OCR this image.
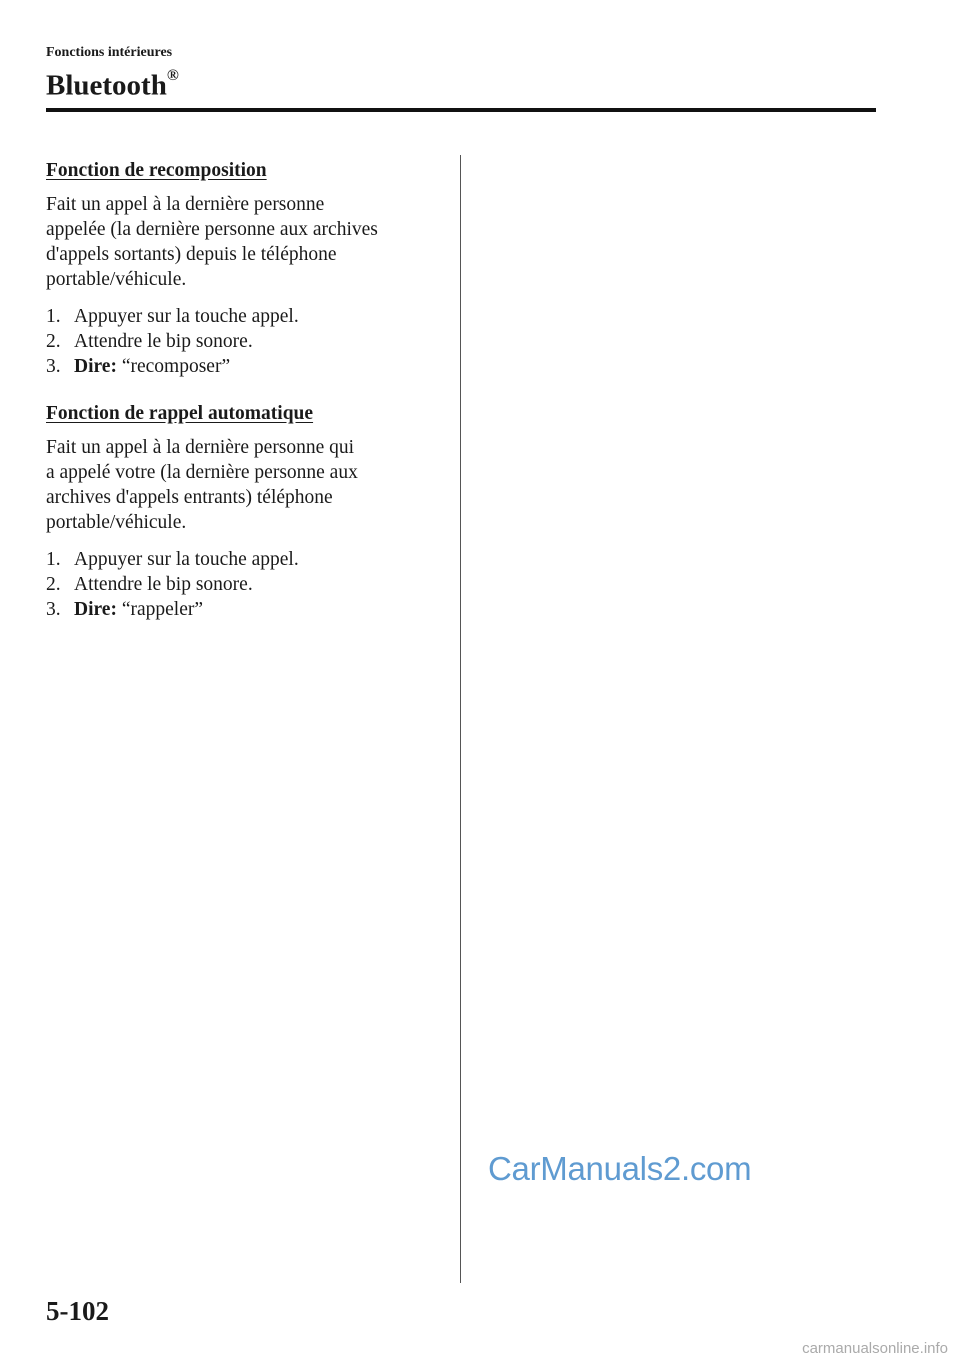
Fonctions intérieures
Bluetooth®
Fonction de recomposition
Fait un appel à la dernière personne
appelée (la dernière personne aux archives
d'appels sortants) depuis le téléphone
portable/véhicule.
1. Appuyer sur la touche appel.
2. Attendre le bip sonore.
3. Dire:
“recomposer”
Fonction de rappel automatique
Fait un appel à la dernière personne qui
a appelé votre (la dernière personne aux
archives d'appels entrants) téléphone
portable/véhicule.
1. Appuyer sur la touche appel.
2. Attendre le bip sonore.
3. Dire:
“rappeler”
CarManuals2.com
5-102
carmanualsonline.info
